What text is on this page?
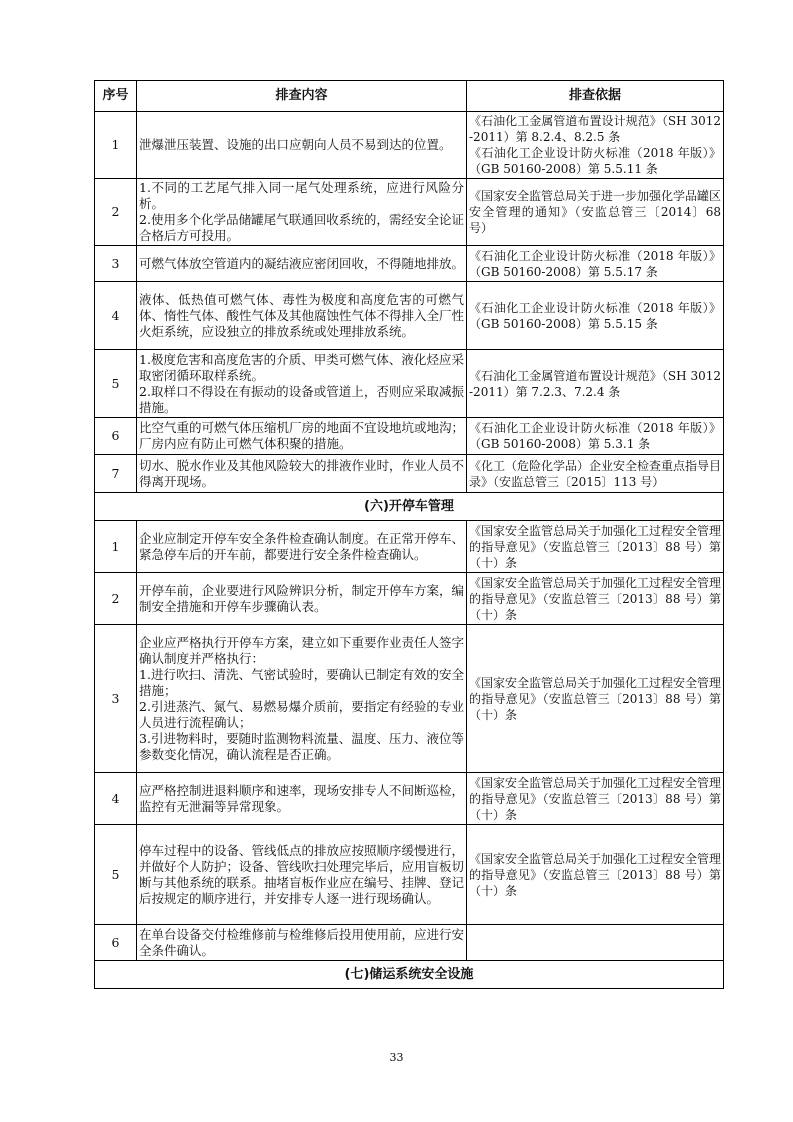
序号	排查内容	排查依据
1	泄爆泄压装置、设施的出口应朝向人员不易到达的位置。	《石油化工金属管道布置设计规范》（SH 3012-2011）第 8.2.4、8.2.5 条
《石油化工企业设计防火标准（2018 年版）》（GB 50160-2008）第 5.5.11 条

2	1.不同的工艺尾气排入同一尾气处理系统，应进行风险分析。
2.使用多个化学品储罐尾气联通回收系统的，需经安全论证合格后方可投用。	《国家安全监管总局关于进一步加强化学品罐区安全管理的通知》（安监总管三〔2014〕68 号）

3	可燃气体放空管道内的凝结液应密闭回收，不得随地排放。	《石油化工企业设计防火标准（2018 年版）》（GB 50160-2008）第 5.5.17 条

4	液体、低热值可燃气体、毒性为极度和高度危害的可燃气体、惰性气体、酸性气体及其他腐蚀性气体不得排入全厂性火炬系统，应设独立的排放系统或处理排放系统。	《石油化工企业设计防火标准（2018 年版）》（GB 50160-2008）第 5.5.15 条

5	1.极度危害和高度危害的介质、甲类可燃气体、液化烃应采取密闭循环取样系统。
2.取样口不得设在有振动的设备或管道上，否则应采取减振措施。	《石油化工金属管道布置设计规范》（SH 3012-2011）第 7.2.3、7.2.4 条

6	比空气重的可燃气体压缩机厂房的地面不宜设地坑或地沟；厂房内应有防止可燃气体积聚的措施。	《石油化工企业设计防火标准（2018 年版）》（GB 50160-2008）第 5.3.1 条

7	切水、脱水作业及其他风险较大的排液作业时，作业人员不得离开现场。	《化工（危险化学品）企业安全检查重点指导目录》（安监总管三〔2015〕113 号）

(六)开停车管理		
1	企业应制定开停车安全条件检查确认制度。在正常开停车、紧急停车后的开车前，都要进行安全条件检查确认。	《国家安全监管总局关于加强化工过程安全管理的指导意见》（安监总管三〔2013〕88 号）第（十）条

2	开停车前，企业要进行风险辨识分析，制定开停车方案，编制安全措施和开停车步骤确认表。	《国家安全监管总局关于加强化工过程安全管理的指导意见》（安监总管三〔2013〕88 号）第（十）条

3	企业应严格执行开停车方案，建立如下重要作业责任人签字确认制度并严格执行：
1.进行吹扫、清洗、气密试验时，要确认已制定有效的安全措施；
2.引进蒸汽、氮气、易燃易爆介质前，要指定有经验的专业人员进行流程确认；
3.引进物料时，要随时监测物料流量、温度、压力、液位等参数变化情况，确认流程是否正确。	《国家安全监管总局关于加强化工过程安全管理的指导意见》（安监总管三〔2013〕88 号）第（十）条

4	应严格控制进退料顺序和速率，现场安排专人不间断巡检，监控有无泄漏等异常现象。	《国家安全监管总局关于加强化工过程安全管理的指导意见》（安监总管三〔2013〕88 号）第（十）条

5	停车过程中的设备、管线低点的排放应按照顺序缓慢进行，并做好个人防护；设备、管线吹扫处理完毕后，应用盲板切断与其他系统的联系。抽堵盲板作业应在编号、挂牌、登记后按规定的顺序进行，并安排专人逐一进行现场确认。	《国家安全监管总局关于加强化工过程安全管理的指导意见》（安监总管三〔2013〕88 号）第（十）条

6	在单台设备交付检维修前与检维修后投用使用前，应进行安全条件确认。	

(七)储运系统安全设施		
33
